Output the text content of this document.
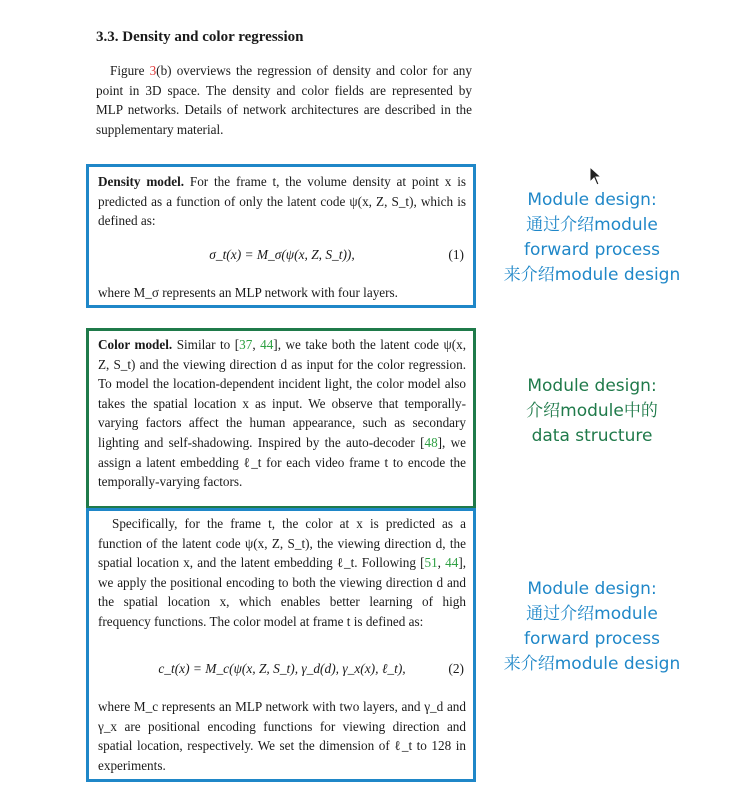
3.3. Density and color regression
Figure 3(b) overviews the regression of density and color for any point in 3D space. The density and color fields are represented by MLP networks. Details of network architectures are described in the supplementary material.
Density model. For the frame t, the volume density at point x is predicted as a function of only the latent code ψ(x, Z, S_t), which is defined as:
σ_t(x) = M_σ(ψ(x, Z, S_t)),	(1)
where M_σ represents an MLP network with four layers.
Color model. Similar to [37, 44], we take both the latent code ψ(x, Z, S_t) and the viewing direction d as input for the color regression. To model the location-dependent incident light, the color model also takes the spatial location x as input. We observe that temporally-varying factors affect the human appearance, such as secondary lighting and self-shadowing. Inspired by the auto-decoder [48], we assign a latent embedding ℓ_t for each video frame t to encode the temporally-varying factors.
Specifically, for the frame t, the color at x is predicted as a function of the latent code ψ(x, Z, S_t), the viewing direction d, the spatial location x, and the latent embedding ℓ_t. Following [51, 44], we apply the positional encoding to both the viewing direction d and the spatial location x, which enables better learning of high frequency functions. The color model at frame t is defined as:
c_t(x) = M_c(ψ(x, Z, S_t), γ_d(d), γ_x(x), ℓ_t),	(2)
where M_c represents an MLP network with two layers, and γ_d and γ_x are positional encoding functions for viewing direction and spatial location, respectively. We set the dimension of ℓ_t to 128 in experiments.
Module design:
通过介绍module
forward process
来介绍module design
Module design:
介绍module中的
data structure
Module design:
通过介绍module
forward process
来介绍module design
